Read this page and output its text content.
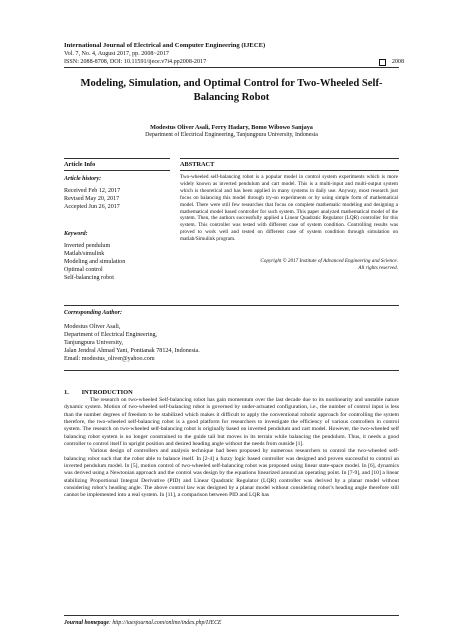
International Journal of Electrical and Computer Engineering (IJECE)
Vol. 7, No. 4, August 2017, pp. 2008~2017
ISSN: 2088-8708, DOI: 10.11591/ijece.v7i4.pp2008-2017	2008
Modeling, Simulation, and Optimal Control for Two-Wheeled Self-Balancing Robot
Modestus Oliver Asali, Ferry Hadary, Bomo Wibowo Sanjaya
Department of Electrical Engineering, Tanjungpura University, Indonesia
Article Info	ABSTRACT
Article history:
Received Feb 12, 2017
Revised May 20, 2017
Accepted Jun 26, 2017
Keyword:
Inverted pendulum
Matlab/simulink
Modeling and simulation
Optimal control
Self-balancing robot
Two-wheeled self-balancing robot is a popular model in control system experiments which is more widely known as inverted pendulum and cart model. This is a multi-input and multi-output system which is theoretical and has been applied in many systems in daily use. Anyway, most research just focus on balancing this model through try-on experiments or by using simple form of mathematical model. There were still few researches that focus on complete mathematic modeling and designing a mathematical model based controller for such system. This paper analyzed mathematical model of the system. Then, the authors successfully applied a Linear Quadratic Regulator (LQR) controller for this system. This controller was tested with different case of system condition. Controlling results was proved to work well and tested on different case of system condition through simulation on matlab/Simulink program.
Copyright © 2017 Institute of Advanced Engineering and Science.
All rights reserved.
Corresponding Author:
Modestus Oliver Asali,
Department of Electrical Engineering,
Tanjungpura University,
Jalan Jendral Ahmad Yani, Pontianak 78124, Indonesia.
Email: modestus_oliver@yahoo.com
1.  INTRODUCTION

The research on two-wheeled Self-balancing robot has gain momentum over the last decade due to its nonlinearity and unstable nature dynamic system. Motion of two-wheeled self-balancing robot is governed by under-actuated configuration, i.e., the number of control input is less than the number degrees of freedom to be stabilized which makes it difficult to apply the conventional robotic approach for controlling the system therefore, the two-wheeled self-balancing robot is a good platform for researchers to investigate the efficiency of various controllers in control system. The research on two-wheeled self-balancing robot is originally based on inverted pendulum and cart model. However, the two-wheeled self balancing robot system is no longer constrained to the guide tail but moves in its terrain while balancing the pendulum. Thus, it needs a good controller to control itself in upright position and desired heading angle without the needs from outside [1].

Various design of controllers and analysis technique had been proposed by numerous researchers to control the two-wheeled self-balancing robot such that the robot able to balance itself. In [2-4] a fuzzy logic based controller was designed and proven successful to control an inverted pendulum model. In [5], motion control of two-wheeled self-balancing robot was proposed using linear state-space model. In [6], dynamics was derived using a Newtonian approach and the control was design by the equations linearized around an operating point. In [7-9], and [10] a linear stabilizing Proportional Integral Derivative (PID) and Linear Quadratic Regulator (LQR) controller was derived by a planar model without considering robot’s heading angle. The above control law was designed by a planar model without considering robot’s heading angle therefore still cannot be implemented into a real system. In [11], a comparison between PID and LQR has

Journal homepage: http://iaesjournal.com/online/index.php/IJECE
